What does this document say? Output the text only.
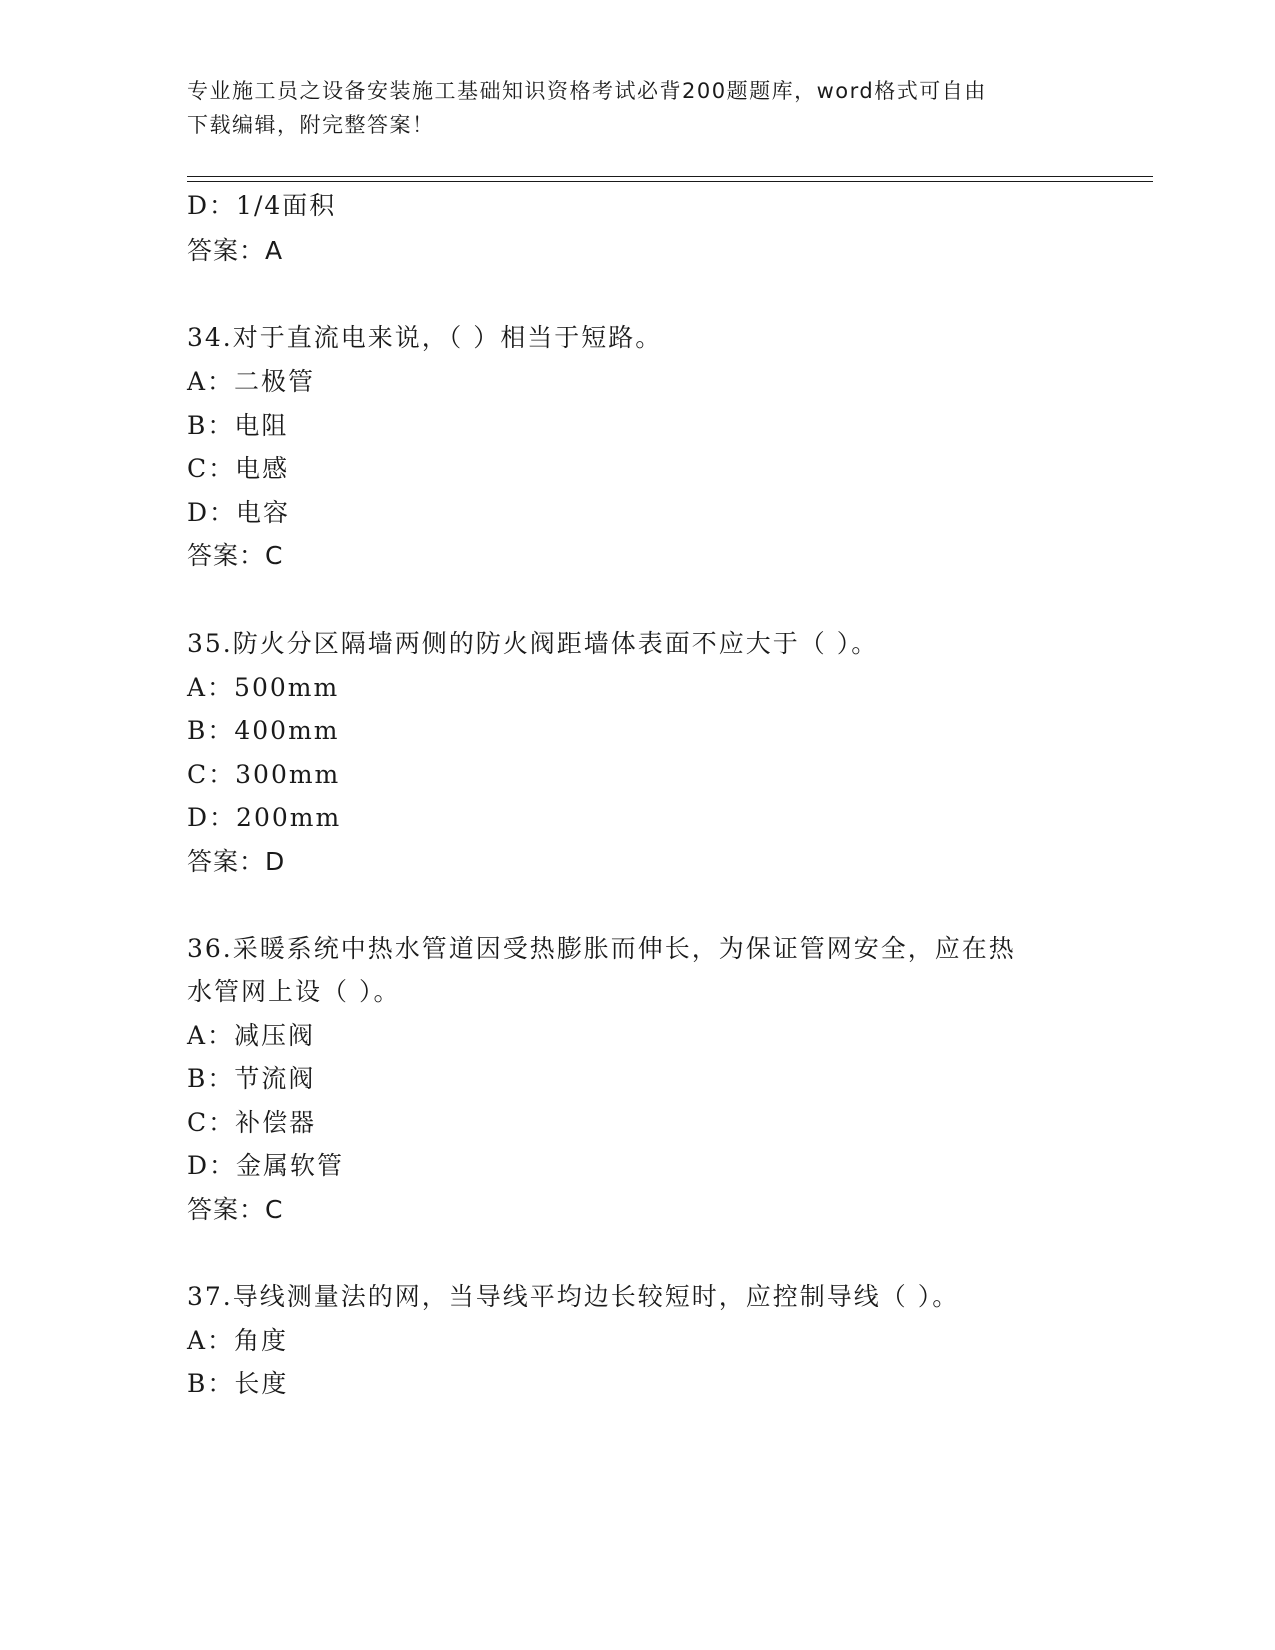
专业施工员之设备安装施工基础知识资格考试必背200题题库，word格式可自由
下载编辑，附完整答案！
D：1/4面积
答案：A
34.对于直流电来说，（ ）相当于短路。
A：二极管
B：电阻
C：电感
D：电容
答案：C
35.防火分区隔墙两侧的防火阀距墙体表面不应大于（ ）。
A：500mm
B：400mm
C：300mm
D：200mm
答案：D
36.采暖系统中热水管道因受热膨胀而伸长，为保证管网安全，应在热
水管网上设（ ）。
A：减压阀
B：节流阀
C：补偿器
D：金属软管
答案：C
37.导线测量法的网，当导线平均边长较短时，应控制导线（ ）。
A：角度
B：长度
